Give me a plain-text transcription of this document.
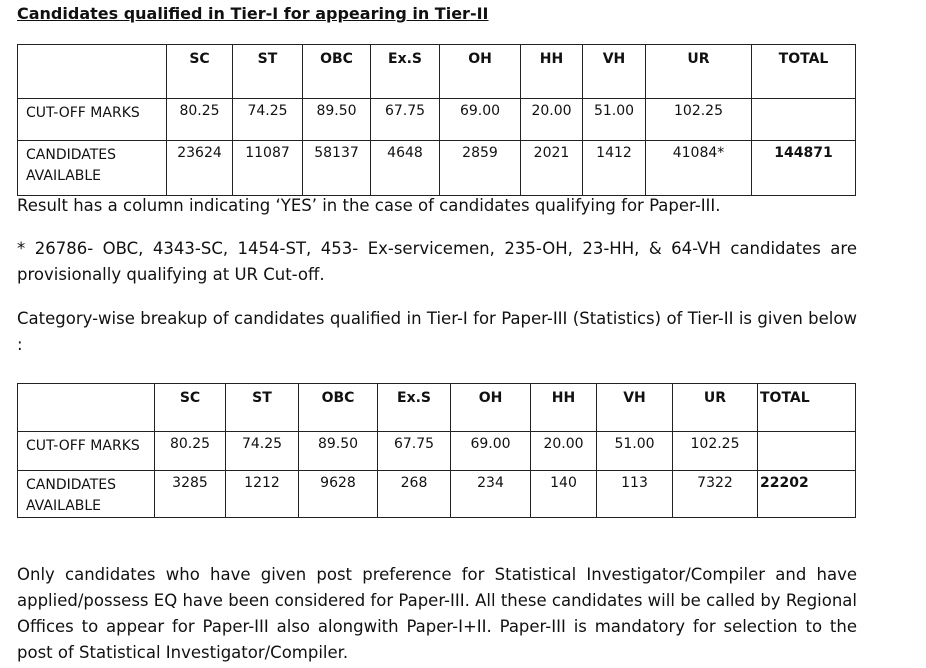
Candidates qualified in Tier-I for appearing in Tier-II
	SC	ST	OBC	Ex.S	OH	HH	VH	UR	TOTAL
CUT-OFF MARKS	80.25	74.25	89.50	67.75	69.00	20.00	51.00	102.25	
CANDIDATES AVAILABLE	23624	11087	58137	4648	2859	2021	1412	41084*	144871
Result has a column indicating ‘YES’ in the case of candidates qualifying for Paper-III.
* 26786- OBC, 4343-SC, 1454-ST, 453- Ex-servicemen, 235-OH, 23-HH, & 64-VH candidates are provisionally qualifying at UR Cut-off.
Category-wise breakup of candidates qualified in Tier-I for Paper-III (Statistics) of Tier-II is given below :
	SC	ST	OBC	Ex.S	OH	HH	VH	UR	TOTAL
CUT-OFF MARKS	80.25	74.25	89.50	67.75	69.00	20.00	51.00	102.25	
CANDIDATES AVAILABLE	3285	1212	9628	268	234	140	113	7322	22202
Only candidates who have given post preference for Statistical Investigator/Compiler and have applied/possess EQ have been considered for Paper-III. All these candidates will be called by Regional Offices to appear for Paper-III also alongwith Paper-I+II. Paper-III is mandatory for selection to the post of Statistical Investigator/Compiler.
